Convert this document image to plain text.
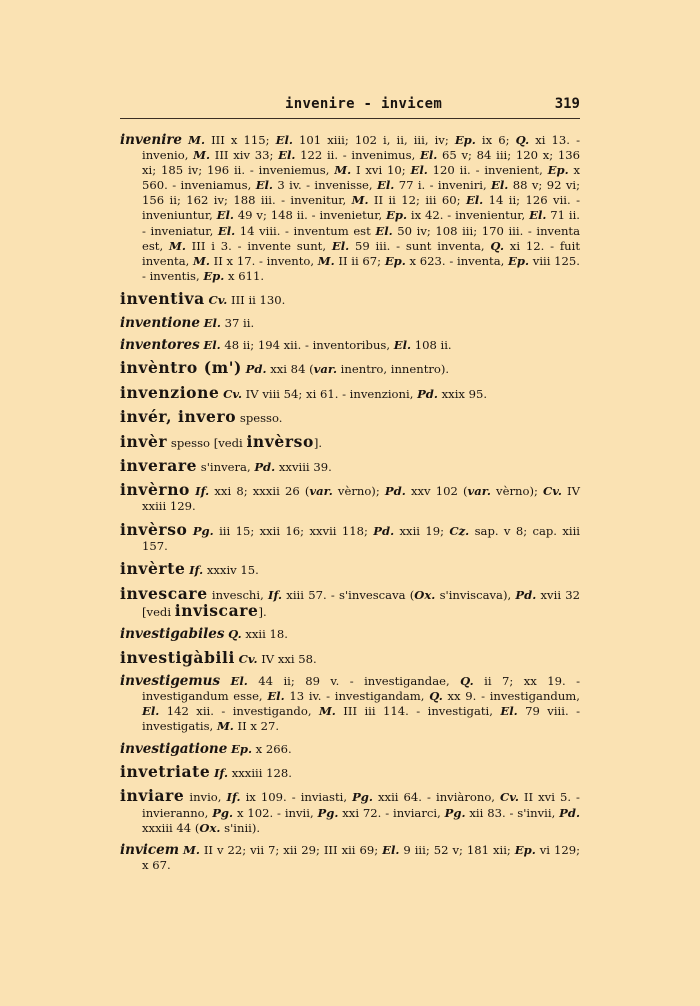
invenire - invicem	319

invenire M. III x 115; El. 101 xiii; 102 i, ii, iii, iv; Ep. ix 6; Q. xi 13. - invenio, M. III xiv 33; El. 122 ii. - invenimus, El. 65 v; 84 iii; 120 x; 136 xi; 185 iv; 196 ii. - inveniemus, M. I xvi 10; El. 120 ii. - invenient, Ep. x 560. - inveniamus, El. 3 iv. - invenisse, El. 77 i. - inveniri, El. 88 v; 92 vi; 156 ii; 162 iv; 188 iii. - invenitur, M. II ii 12; iii 60; El. 14 ii; 126 vii. - inveniuntur, El. 49 v; 148 ii. - invenietur, Ep. ix 42. - invenientur, El. 71 ii. - inveniatur, El. 14 viii. - inventum est El. 50 iv; 108 iii; 170 iii. - inventa est, M. III i 3. - invente sunt, El. 59 iii. - sunt inventa, Q. xi 12. - fuit inventa, M. II x 17. - invento, M. II ii 67; Ep. x 623. - inventa, Ep. viii 125. - inventis, Ep. x 611.

inventiva Cv. III ii 130.

inventione El. 37 ii.

inventores El. 48 ii; 194 xii. - inventoribus, El. 108 ii.

invèntro (m') Pd. xxi 84 (var. inentro, innentro).

invenzione Cv. IV viii 54; xi 61. - invenzioni, Pd. xxix 95.

invér, invero spesso.

invèr spesso [vedi invèrso].

inverare s'invera, Pd. xxviii 39.

invèrno If. xxi 8; xxxii 26 (var. vèrno); Pd. xxv 102 (var. vèrno); Cv. IV xxiii 129.

invèrso Pg. iii 15; xxii 16; xxvii 118; Pd. xxii 19; Cz. sap. v 8; cap. xiii 157.

invèrte If. xxxiv 15.

invescare inveschi, If. xiii 57. - s'invescava (Ox. s'inviscava), Pd. xvii 32 [vedi inviscare].

investigabiles Q. xxii 18.

investigàbili Cv. IV xxi 58.

investigemus El. 44 ii; 89 v. - investigandae, Q. ii 7; xx 19. - investigandum esse, El. 13 iv. - investigandam, Q. xx 9. - investigandum, El. 142 xii. - investigando, M. III iii 114. - investigati, El. 79 viii. - investigatis, M. II x 27.

investigatione Ep. x 266.

invetriate If. xxxiii 128.

inviare invio, If. ix 109. - inviasti, Pg. xxii 64. - inviàrono, Cv. II xvi 5. - invieranno, Pg. x 102. - invii, Pg. xxi 72. - inviarci, Pg. xii 83. - s'invii, Pd. xxxiii 44 (Ox. s'inii).

invicem M. II v 22; vii 7; xii 29; III xii 69; El. 9 iii; 52 v; 181 xii; Ep. vi 129; x 67.
